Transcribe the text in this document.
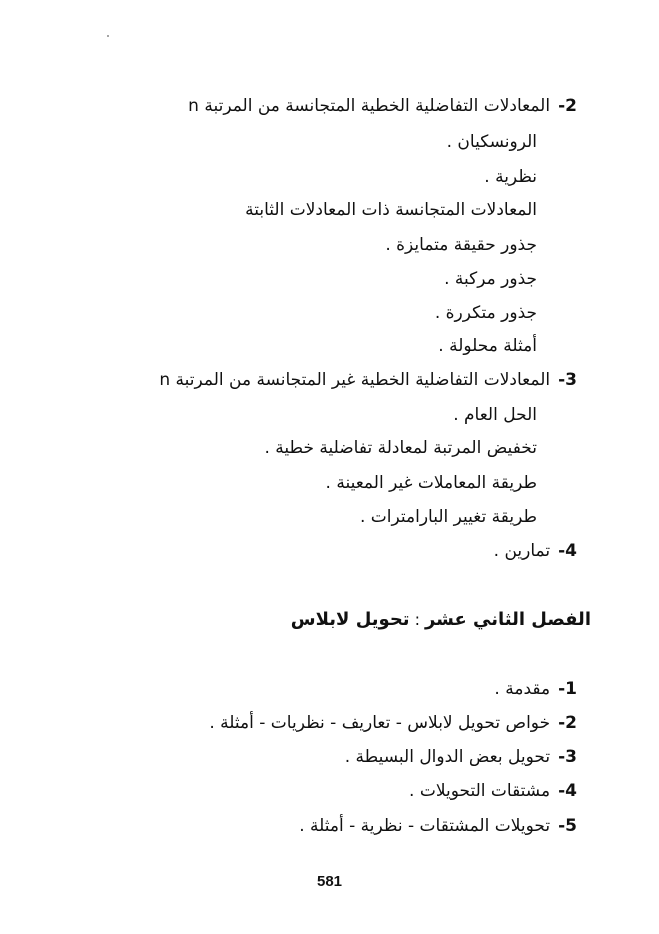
2-المعادلات التفاضلية الخطية المتجانسة من المرتبة n
الرونسكيان .
نظرية .
المعادلات المتجانسة ذات المعادلات الثابتة
جذور حقيقة متمايزة .
جذور مركبة .
جذور متكررة .
أمثلة محلولة .
3-المعادلات التفاضلية الخطية غير المتجانسة من المرتبة n
الحل العام .
تخفيض المرتبة لمعادلة تفاضلية خطية .
طريقة المعاملات غير المعينة .
طريقة تغيير البارامترات .
4-تمارين .
الفصل الثاني عشر:تحويل لابلاس
1-مقدمة .
2-خواص تحويل لابلاس - تعاريف - نظريات - أمثلة .
3-تحويل بعض الدوال البسيطة .
4-مشتقات التحويلات .
5-تحويلات المشتقات - نظرية - أمثلة .
581
